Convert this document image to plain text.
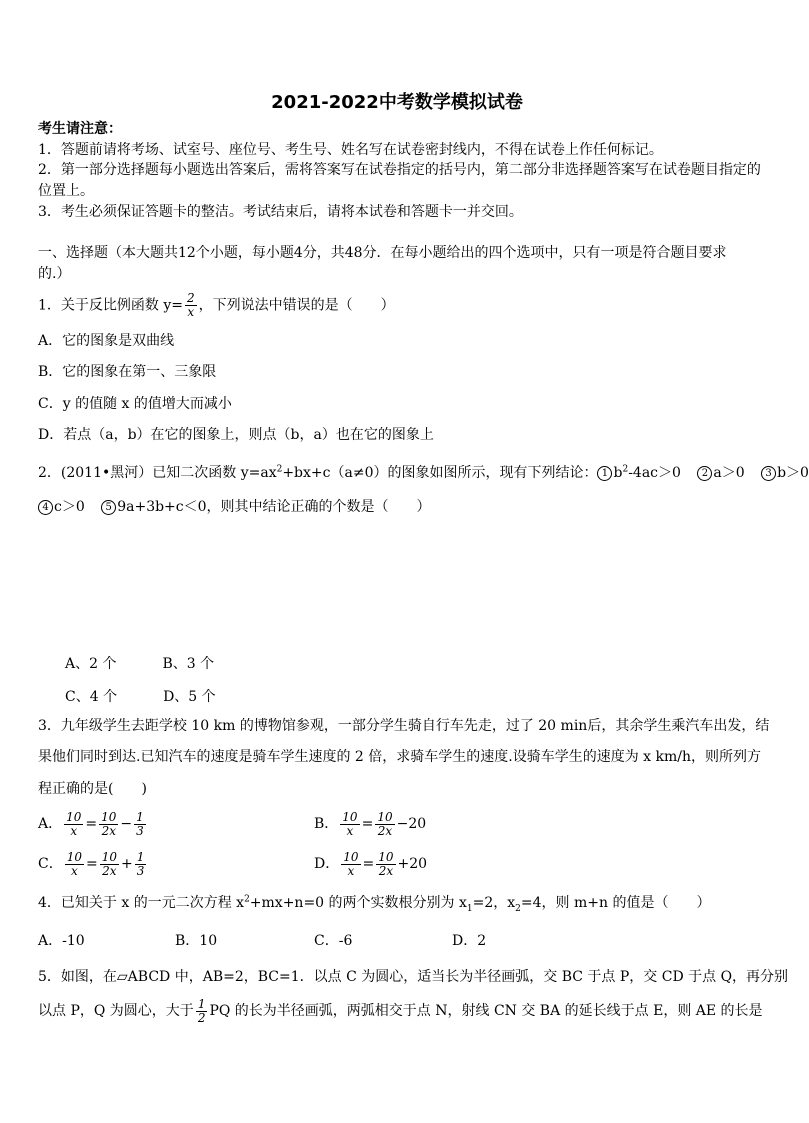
2021-2022中考数学模拟试卷
考生请注意：
1．答题前请将考场、试室号、座位号、考生号、姓名写在试卷密封线内，不得在试卷上作任何标记。
2．第一部分选择题每小题选出答案后，需将答案写在试卷指定的括号内，第二部分非选择题答案写在试卷题目指定的
位置上。
3．考生必须保证答题卡的整洁。考试结束后，请将本试卷和答题卡一并交回。
一、选择题（本大题共12个小题，每小题4分，共48分．在每小题给出的四个选项中，只有一项是符合题目要求
的.）
1．关于反比例函数 $y= \frac{2}{x}$ ，下列说法中错误的是（　　）
A．它的图象是双曲线
B．它的图象在第一、三象限
C．y 的值随 x 的值增大而减小
D．若点（a，b）在它的图象上，则点（b，a）也在它的图象上
2．(2011•黑河）已知二次函数 $y=ax^2+bx+c(a\ne 0)$的图象如图所示，现有下列结论： 1 $b^2-4ac>0$ 2 a＞0 3 b＞0
4 c＞0 5 9a+3b+c＜0，则其中结论正确的个数是（　　）
A、2 个	B、3 个
C、4 个	D、5 个
3．九年级学生去距学校 10 km 的博物馆参观，一部分学生骑自行车先走，过了 20 min后，其余学生乘汽车出发，结
果他们同时到达.已知汽车的速度是骑车学生速度的 2 倍，求骑车学生的速度.设骑车学生的速度为 x km/h，则所列方
程正确的是(　　)
A． $\frac{10}{x} = \frac{10}{2x} - \frac{1}{3}$	B． $\frac{10}{x} = \frac{10}{2x} -20$
C． $\frac{10}{x} = \frac{10}{2x} + \frac{1}{3}$	D． $\frac{10}{x} = \frac{10}{2x} +20$
4．已知关于 x 的一元二次方程 $x^2+mx+n=0$ 的两个实数根分别为 $x_1=2$，$x_2=4$，则 m+n 的值是（　　）
A．-10	B．10	C．-6	D．2
5．如图，在▱ABCD 中，AB=2，BC=1．以点 C 为圆心，适当长为半径画弧，交 BC 于点 P，交 CD 于点 Q，再分别
以点 P，Q 为圆心，大于 $\frac{1}{2}$ PQ 的长为半径画弧，两弧相交于点 N，射线 CN 交 BA 的延长线于点 E，则 AE 的长是
